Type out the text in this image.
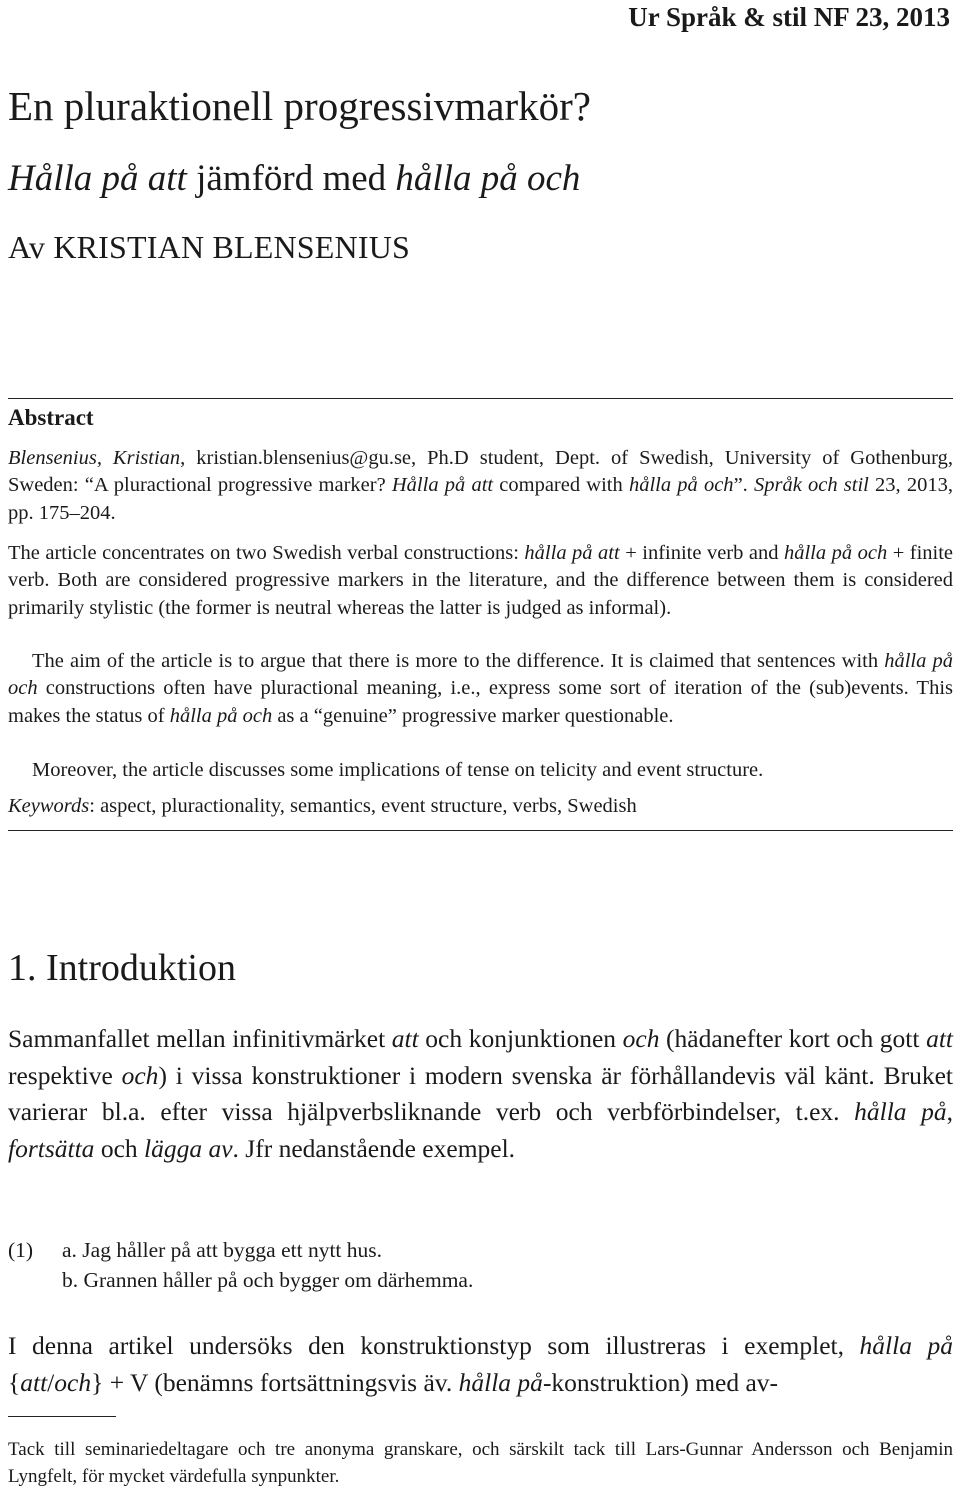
Ur Språk & stil NF 23, 2013
En pluraktionell progressivmarkör?
Hålla på att jämförd med hålla på och
Av KRISTIAN BLENSENIUS
Abstract
Blensenius, Kristian, kristian.blensenius@gu.se, Ph.D student, Dept. of Swedish, University of Gothenburg, Sweden: “A pluractional progressive marker? Hålla på att compared with hålla på och”. Språk och stil 23, 2013, pp. 175–204.
The article concentrates on two Swedish verbal constructions: hålla på att + infinite verb and hålla på och + finite verb. Both are considered progressive markers in the literature, and the difference between them is considered primarily stylistic (the former is neutral whereas the latter is judged as informal).
The aim of the article is to argue that there is more to the difference. It is claimed that sentences with hålla på och constructions often have pluractional meaning, i.e., express some sort of iteration of the (sub)events. This makes the status of hålla på och as a “genuine” progressive marker questionable.
Moreover, the article discusses some implications of tense on telicity and event structure.
Keywords: aspect, pluractionality, semantics, event structure, verbs, Swedish
1. Introduktion
Sammanfallet mellan infinitivmärket att och konjunktionen och (hädanefter kort och gott att respektive och) i vissa konstruktioner i modern svenska är förhållandevis väl känt. Bruket varierar bl.a. efter vissa hjälpverbsliknande verb och verbförbindelser, t.ex. hålla på, fortsätta och lägga av. Jfr nedanstående exempel.
(1)	a. Jag håller på att bygga ett nytt hus.
b. Grannen håller på och bygger om därhemma.
I denna artikel undersöks den konstruktionstyp som illustreras i exemplet, hålla på {att/och} + V (benämns fortsättningsvis äv. hålla på-konstruktion) med av-
Tack till seminariedeltagare och tre anonyma granskare, och särskilt tack till Lars-Gunnar Andersson och Benjamin Lyngfelt, för mycket värdefulla synpunkter.
